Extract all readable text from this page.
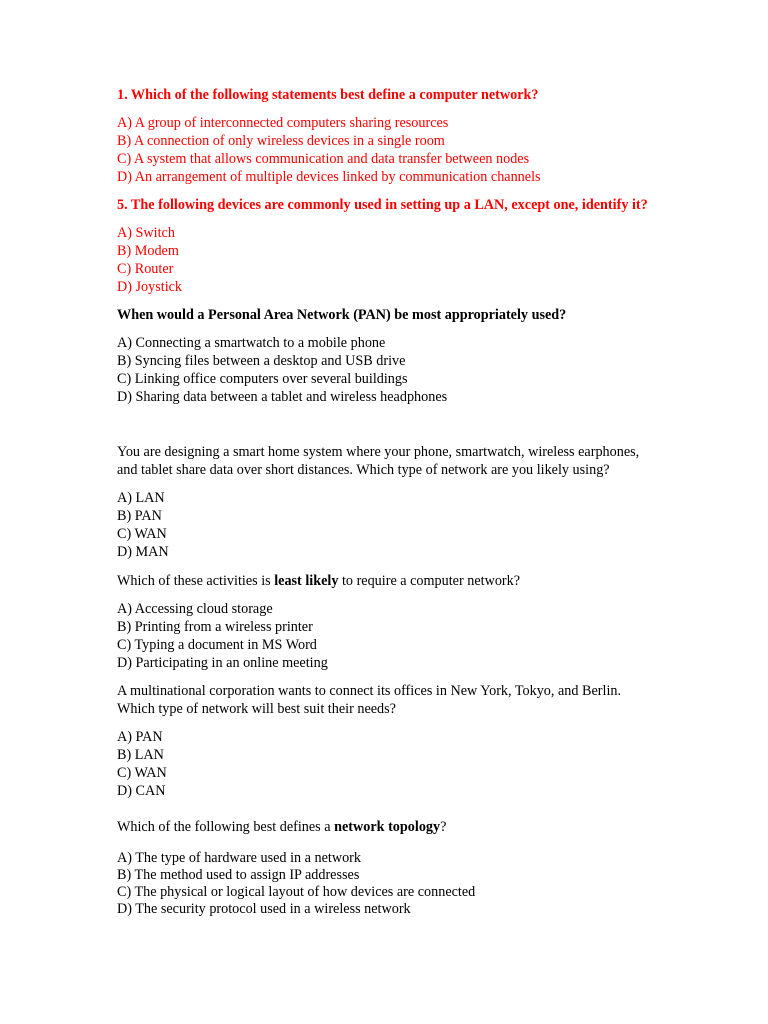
1. Which of the following statements best define a computer network?

A) A group of interconnected computers sharing resources
B) A connection of only wireless devices in a single room
C) A system that allows communication and data transfer between nodes
D) An arrangement of multiple devices linked by communication channels

5. The following devices are commonly used in setting up a LAN, except one, identify it?

A) Switch
B) Modem
C) Router
D) Joystick

When would a Personal Area Network (PAN) be most appropriately used?

A) Connecting a smartwatch to a mobile phone
B) Syncing files between a desktop and USB drive
C) Linking office computers over several buildings
D) Sharing data between a tablet and wireless headphones
You are designing a smart home system where your phone, smartwatch, wireless earphones,
and tablet share data over short distances. Which type of network are you likely using?
A) LAN
B) PAN
C) WAN
D) MAN
Which of these activities is least likely to require a computer network?
A) Accessing cloud storage
B) Printing from a wireless printer
C) Typing a document in MS Word
D) Participating in an online meeting
A multinational corporation wants to connect its offices in New York, Tokyo, and Berlin.
Which type of network will best suit their needs?
A) PAN
B) LAN
C) WAN
D) CAN
Which of the following best defines a network topology?
A) The type of hardware used in a network
B) The method used to assign IP addresses
C) The physical or logical layout of how devices are connected
D) The security protocol used in a wireless network
